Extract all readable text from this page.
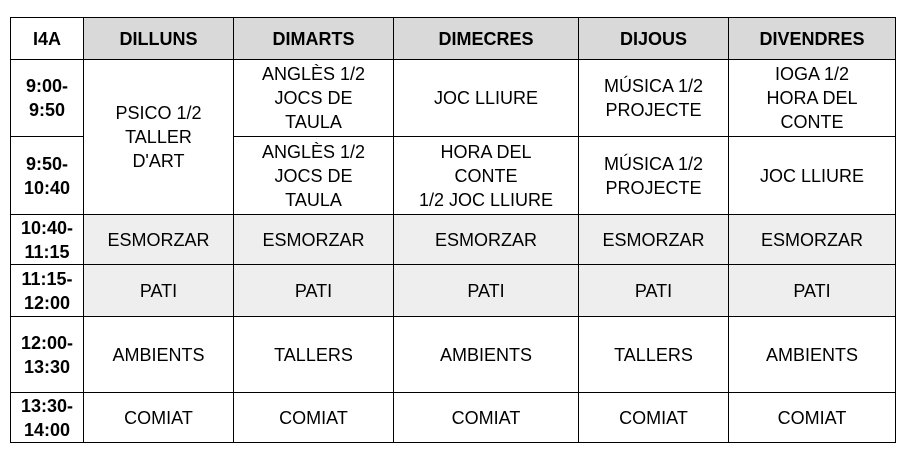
I4A	DILLUNS	DIMARTS	DIMECRES	DIJOUS	DIVENDRES
9:00-
9:50	PSICO 1/2
TALLER
D'ART	ANGLÈS 1/2
JOCS DE
TAULA	JOC LLIURE	MÚSICA 1/2
PROJECTE	IOGA 1/2
HORA DEL
CONTE
9:50-
10:40		ANGLÈS 1/2
JOCS DE
TAULA	HORA DEL
CONTE
1/2 JOC LLIURE	MÚSICA 1/2
PROJECTE	JOC LLIURE
10:40-
11:15	ESMORZAR	ESMORZAR	ESMORZAR	ESMORZAR	ESMORZAR
11:15-
12:00	PATI	PATI	PATI	PATI	PATI
12:00-
13:30	AMBIENTS	TALLERS	AMBIENTS	TALLERS	AMBIENTS
13:30-
14:00	COMIAT	COMIAT	COMIAT	COMIAT	COMIAT
